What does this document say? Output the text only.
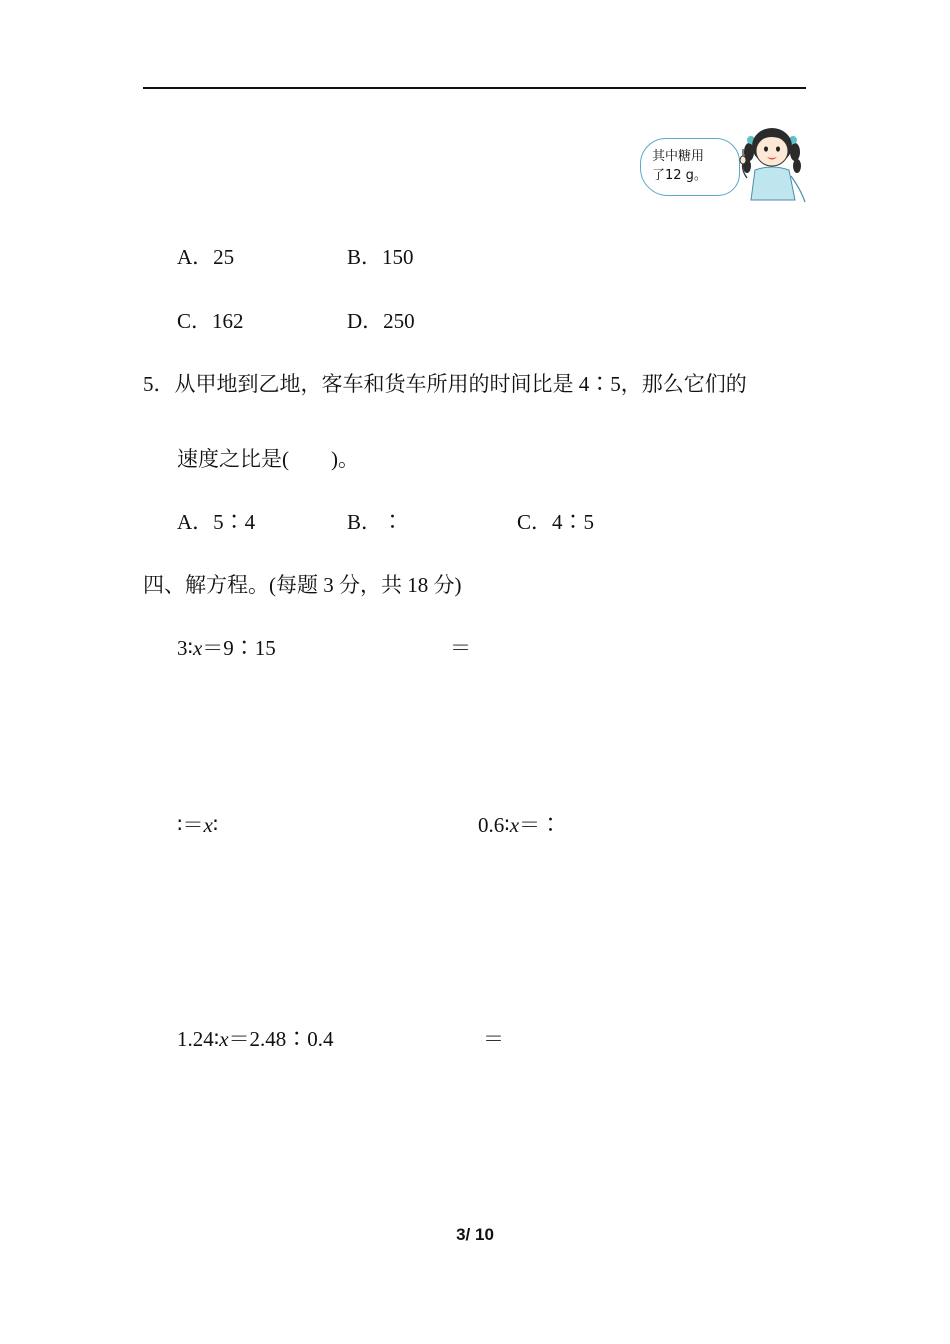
其中糖用
了12 g。
A．25	B．150
C．162	D．250
5．从甲地到乙地，客车和货车所用的时间比是 4∶5，那么它们的
速度之比是(　　)。
A．5∶4	B．∶	C．4∶5
四、解方程。(每题 3 分，共 18 分)
3∶x＝9∶15	＝
∶＝x∶	0.6∶x＝∶
1.24∶x＝2.48∶0.4	＝
3/ 10
